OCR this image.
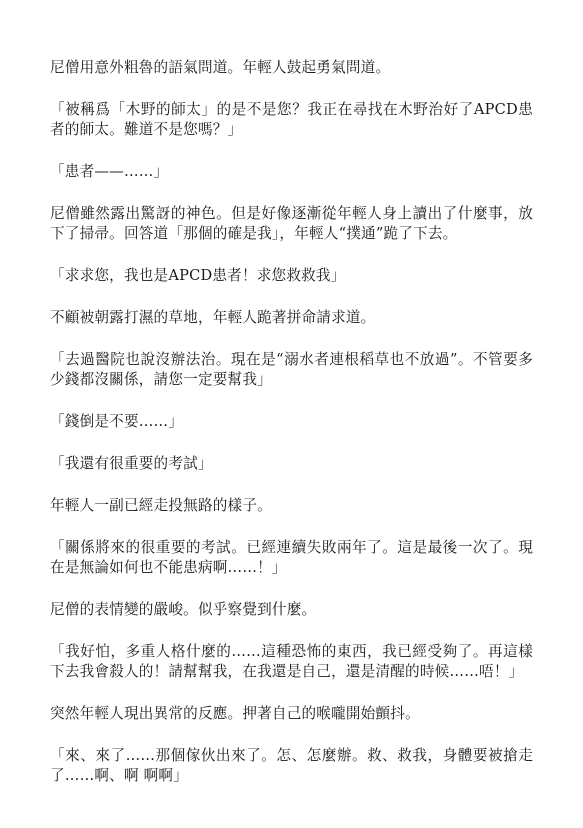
尼僧用意外粗魯的語氣問道。年輕人鼓起勇氣問道。

「被稱爲「木野的師太」的是不是您？我正在尋找在木野治好了APCD患者的師太。難道不是您嗎？」

「患者——……」

尼僧雖然露出驚訝的神色。但是好像逐漸從年輕人身上讀出了什麼事，放下了掃帚。回答道「那個的確是我」，年輕人“撲通”跪了下去。

「求求您，我也是APCD患者！求您救救我」

不顧被朝露打濕的草地，年輕人跪著拼命請求道。

「去過醫院也說沒辦法治。現在是“溺水者連根稻草也不放過”。不管要多少錢都沒關係，請您一定要幫我」

「錢倒是不要……」

「我還有很重要的考試」

年輕人一副已經走投無路的樣子。

「關係將來的很重要的考試。已經連續失敗兩年了。這是最後一次了。現在是無論如何也不能患病啊……！」

尼僧的表情變的嚴峻。似乎察覺到什麼。

「我好怕，多重人格什麼的……這種恐怖的東西，我已經受夠了。再這樣下去我會殺人的！請幫幫我，在我還是自己，還是清醒的時候……唔！」

突然年輕人現出異常的反應。押著自己的喉嚨開始顫抖。

「來、來了……那個傢伙出來了。怎、怎麼辦。救、救我，身體要被搶走了……啊、啊 啊啊」
